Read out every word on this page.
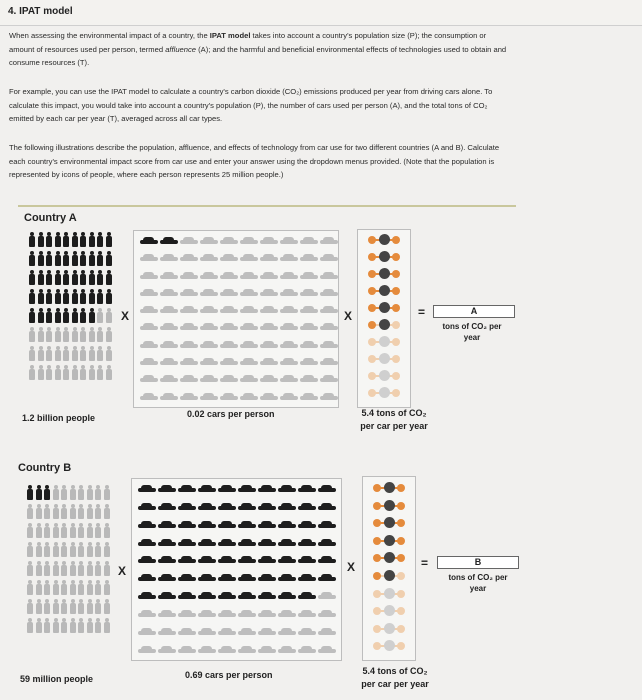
4. IPAT model
When assessing the environmental impact of a country, the IPAT model takes into account a country's population size (P); the consumption or
amount of resources used per person, termed affluence (A); and the harmful and beneficial environmental effects of technologies used to obtain and
consume resources (T).
For example, you can use the IPAT model to calculate a country's carbon dioxide (CO₂) emissions produced per year from driving cars alone. To
calculate this impact, you would take into account a country's population (P), the number of cars used per person (A), and the total tons of CO₂
emitted by each car per year (T), averaged across all car types.
The following illustrations describe the population, affluence, and effects of technology from car use for two different countries (A and B). Calculate
each country's environmental impact score from car use and enter your answer using the dropdown menus provided. (Note that the population is
represented by icons of people, where each person represents 25 million people.)
Country A
X	X	=	A
tons of CO₂ per
year
1.2 billion people	0.02 cars per person	5.4 tons of CO₂
per car per year
Country B
X	X	=	B
tons of CO₂ per
year
59 million people	0.69 cars per person	5.4 tons of CO₂
per car per year
